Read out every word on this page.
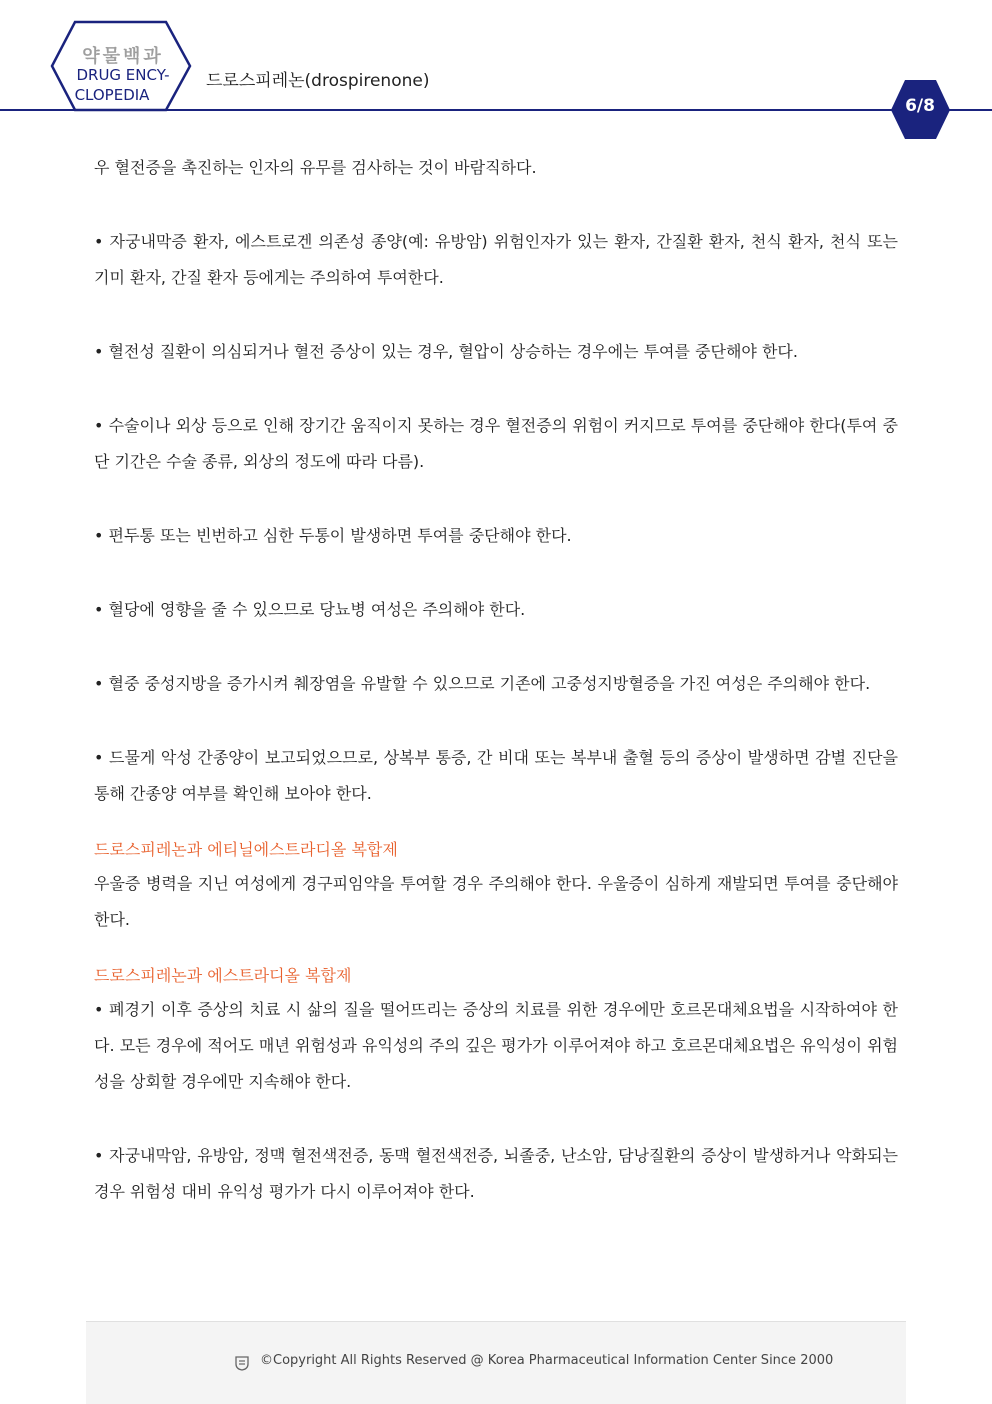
약물백과
DRUG ENCY-
CLOPEDIA
드로스피레논(drospirenone)
6/8

우 혈전증을 촉진하는 인자의 유무를 검사하는 것이 바람직하다.

• 자궁내막증 환자, 에스트로겐 의존성 종양(예: 유방암) 위험인자가 있는 환자, 간질환 환자, 천식 환자, 천식 또는 기미 환자, 간질 환자 등에게는 주의하여 투여한다.

• 혈전성 질환이 의심되거나 혈전 증상이 있는 경우, 혈압이 상승하는 경우에는 투여를 중단해야 한다.

• 수술이나 외상 등으로 인해 장기간 움직이지 못하는 경우 혈전증의 위험이 커지므로 투여를 중단해야 한다(투여 중단 기간은 수술 종류, 외상의 정도에 따라 다름).

• 편두통 또는 빈번하고 심한 두통이 발생하면 투여를 중단해야 한다.

• 혈당에 영향을 줄 수 있으므로 당뇨병 여성은 주의해야 한다.

• 혈중 중성지방을 증가시켜 췌장염을 유발할 수 있으므로 기존에 고중성지방혈증을 가진 여성은 주의해야 한다.

• 드물게 악성 간종양이 보고되었으므로, 상복부 통증, 간 비대 또는 복부내 출혈 등의 증상이 발생하면 감별 진단을 통해 간종양 여부를 확인해 보아야 한다.

드로스피레논과 에티닐에스트라디올 복합제

우울증 병력을 지닌 여성에게 경구피임약을 투여할 경우 주의해야 한다. 우울증이 심하게 재발되면 투여를 중단해야 한다.

드로스피레논과 에스트라디올 복합제

• 폐경기 이후 증상의 치료 시 삶의 질을 떨어뜨리는 증상의 치료를 위한 경우에만 호르몬대체요법을 시작하여야 한다. 모든 경우에 적어도 매년 위험성과 유익성의 주의 깊은 평가가 이루어져야 하고 호르몬대체요법은 유익성이 위험성을 상회할 경우에만 지속해야 한다.

• 자궁내막암, 유방암, 정맥 혈전색전증, 동맥 혈전색전증, 뇌졸중, 난소암, 담낭질환의 증상이 발생하거나 악화되는 경우 위험성 대비 유익성 평가가 다시 이루어져야 한다.

©Copyright All Rights Reserved @ Korea Pharmaceutical Information Center Since 2000
